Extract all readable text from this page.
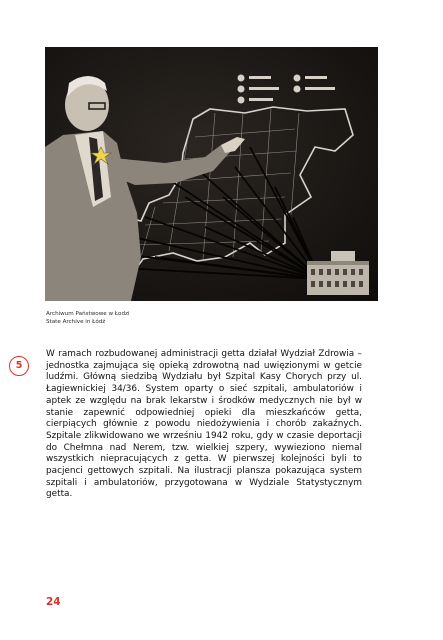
Archiwum Państwowe w Łodzi
State Archive in Łódź
5
W ramach rozbudowanej administracji getta działał Wydział Zdrowia – jednostka zajmująca się opieką zdrowotną nad uwięzionymi w getcie ludźmi. Główną siedzibą Wydziału był Szpital Kasy Chorych przy ul. Łagiewnickiej 34/36. System oparty o sieć szpitali, ambulatoriów i aptek ze względu na brak lekarstw i środków medycznych nie był w stanie zapewnić odpowiedniej opieki dla mieszkańców getta, cierpiących głównie z powodu niedożywienia i chorób zakaźnych. Szpitale zlikwidowano we wrześniu 1942 roku, gdy w czasie deportacji do Chełmna nad Nerem, tzw. wielkiej szpery, wywieziono niemal wszystkich niepracujących z getta. W pierwszej kolejności byli to pacjenci gettowych szpitali. Na ilustracji plansza pokazująca system szpitali i ambulatoriów, przygotowana w Wydziale Statystycznym getta.
24
